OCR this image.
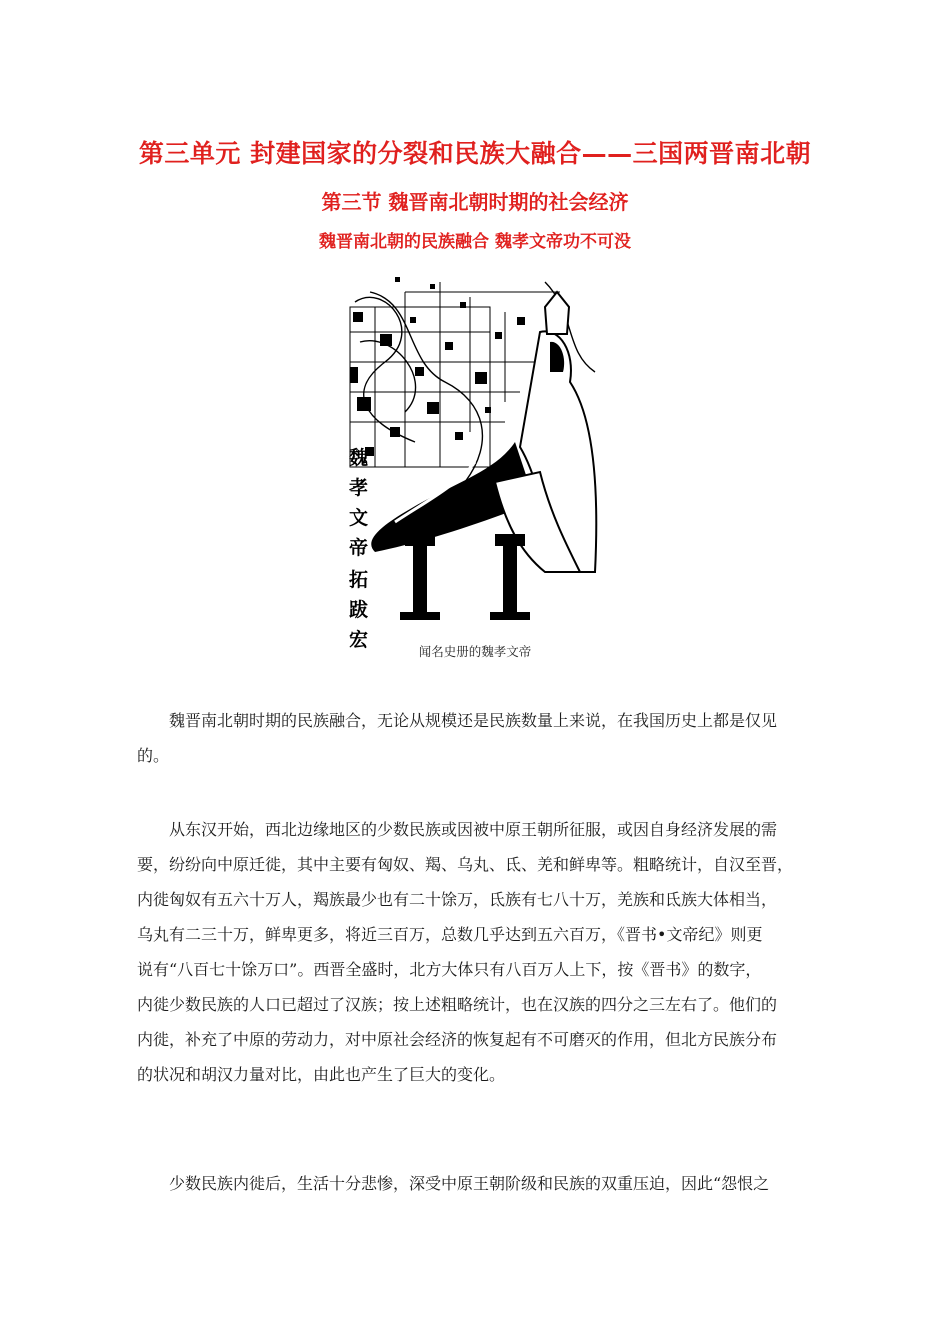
第三单元 封建国家的分裂和民族大融合——三国两晋南北朝
第三节 魏晋南北朝时期的社会经济
魏晋南北朝的民族融合 魏孝文帝功不可没
魏
孝
文
帝
拓
跋
宏
闻名史册的魏孝文帝
　　魏晋南北朝时期的民族融合，无论从规模还是民族数量上来说，在我国历史上都是仅见
的。
　　从东汉开始，西北边缘地区的少数民族或因被中原王朝所征服，或因自身经济发展的需
要，纷纷向中原迁徙，其中主要有匈奴、羯、乌丸、氐、羌和鲜卑等。粗略统计，自汉至晋，
内徙匈奴有五六十万人，羯族最少也有二十馀万，氐族有七八十万，羌族和氐族大体相当，
乌丸有二三十万，鲜卑更多，将近三百万，总数几乎达到五六百万，《晋书•文帝纪》则更
说有“八百七十馀万口”。西晋全盛时，北方大体只有八百万人上下，按《晋书》的数字，
内徙少数民族的人口已超过了汉族；按上述粗略统计，也在汉族的四分之三左右了。他们的
内徙，补充了中原的劳动力，对中原社会经济的恢复起有不可磨灭的作用，但北方民族分布
的状况和胡汉力量对比，由此也产生了巨大的变化。
　　少数民族内徙后，生活十分悲惨，深受中原王朝阶级和民族的双重压迫，因此“怨恨之
